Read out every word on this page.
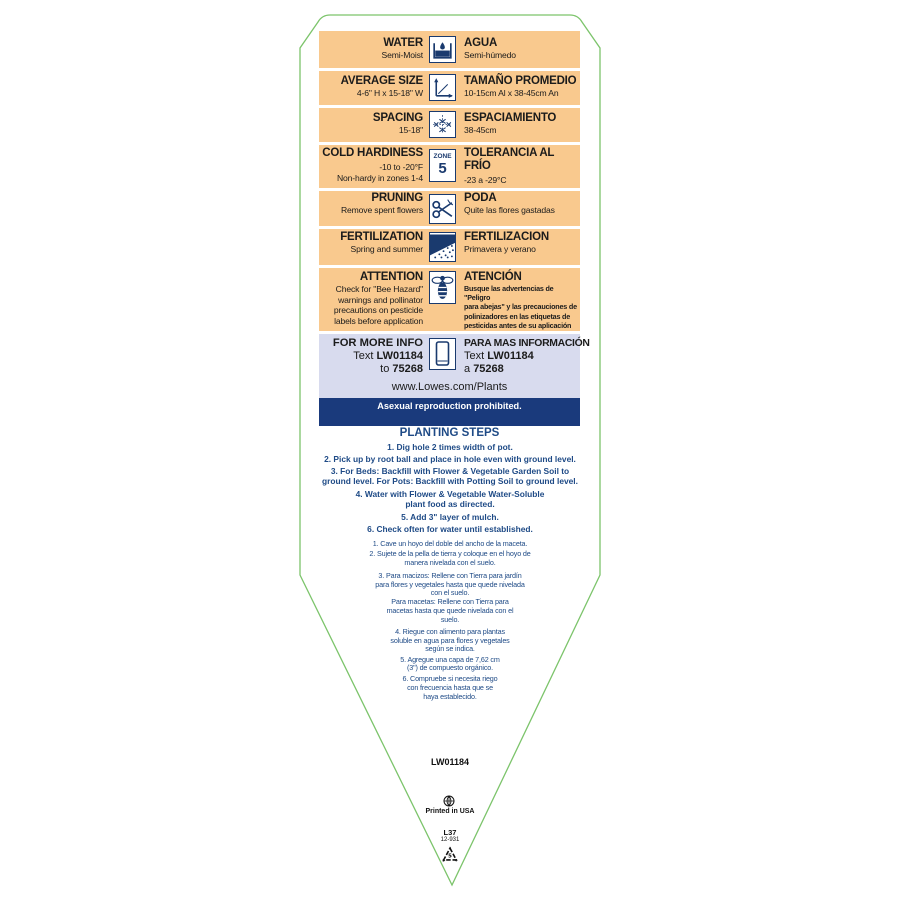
WATER
Semi-Moist
AGUA
Semi-húmedo
AVERAGE SIZE
4-6" H x 15-18" W
TAMAÑO PROMEDIO
10-15cm Al x 38-45cm An
SPACING
15-18"
ESPACIAMIENTO
38-45cm
COLD HARDINESS
-10 to -20°F
Non-hardy in zones 1-4
ZONE
5
TOLERANCIA AL FRÍO
-23 a -29°C
PRUNING
Remove spent flowers
PODA
Quite las flores gastadas
FERTILIZATION
Spring and summer
FERTILIZACION
Primavera y verano
ATTENTION
Check for "Bee Hazard"
warnings and pollinator
precautions on pesticide
labels before application
ATENCIÓN
Busque las advertencias de "Peligro
para abejas" y las precauciones de
polinizadores en las etiquetas de
pesticidas antes de su aplicación
FOR MORE INFO
Text LW01184
to 75268
PARA MAS INFORMACIÓN
Text LW01184
a 75268
www.Lowes.com/Plants
Asexual reproduction prohibited.
PLANTING STEPS
1. Dig hole 2 times width of pot.
2. Pick up by root ball and place in hole even with ground level.
3. For Beds: Backfill with Flower & Vegetable Garden Soil to
ground level. For Pots: Backfill with Potting Soil to ground level.
4. Water with Flower & Vegetable Water-Soluble
plant food as directed.
5. Add 3" layer of mulch.
6. Check often for water until established.
1. Cave un hoyo del doble del ancho de la maceta.
2. Sujete de la pella de tierra y coloque en el hoyo de
manera nivelada con el suelo.
3. Para macizos: Rellene con Tierra para jardín
para flores y vegetales hasta que quede nivelada
con el suelo.
Para macetas: Rellene con Tierra para
macetas hasta que quede nivelada con el
suelo.
4. Riegue con alimento para plantas
soluble en agua para flores y vegetales
según se indica.
5. Agregue una capa de 7,62 cm
(3") de compuesto orgánico.
6. Compruebe si necesita riego
con frecuencia hasta que se
haya establecido.
LW01184
Printed in USA
L37
12-931
5
